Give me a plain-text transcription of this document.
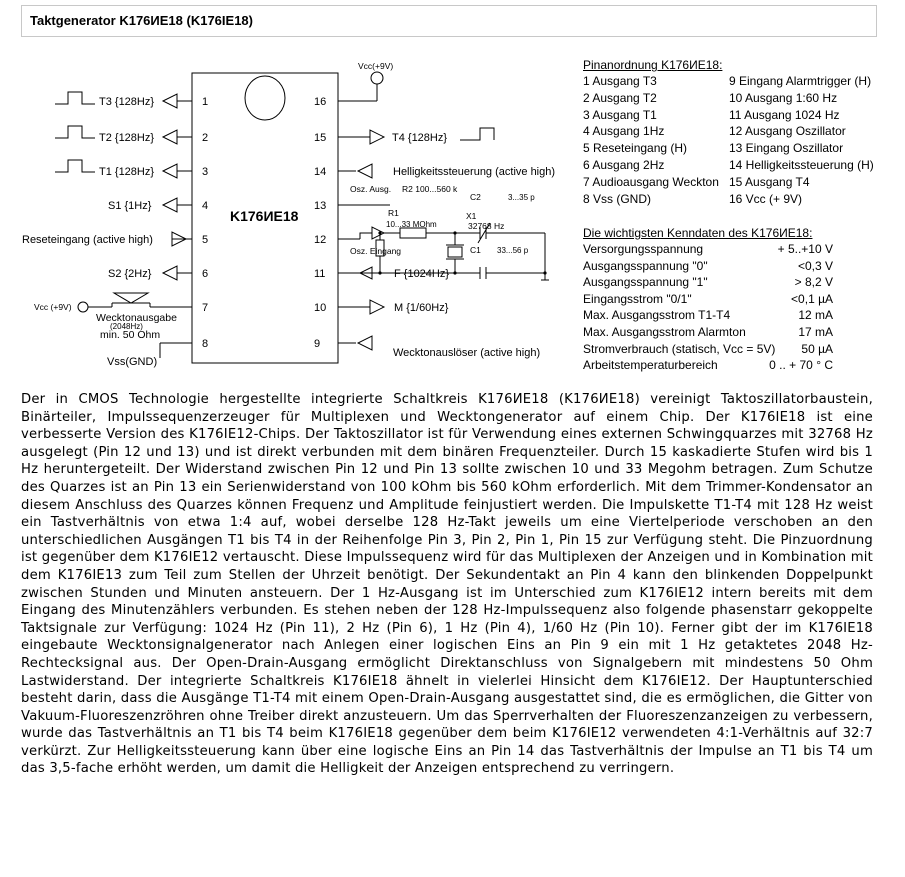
Taktgenerator K176ИЕ18 (K176IE18)
K176ИЕ18
1
2
3
4
5
6
7
8
16
15
14
13
12
11
10
9
T3 {128Hz}
T2 {128Hz}
T1 {128Hz}
S1 {1Hz}
Reseteingang (active high)
S2 {2Hz}
Wecktonausgabe
(2048Hz)
min. 50 Ohm
Vss(GND)
Vcc (+9V)
Vcc(+9V)
T4 {128Hz}
Helligkeitssteuerung (active high)
F {1024Hz}
M {1/60Hz}
Wecktonauslöser (active high)
Osz. Ausg. R2 100...560 k
R1
10...33 MOhm
C2	3...35 p
X1
32768 Hz
Osz. Eingang	C1 33...56 p
Pinanordnung K176ИЕ18:
1 Ausgang T3	9 Eingang Alarmtrigger (H)
2 Ausgang T2	10 Ausgang 1:60 Hz
3 Ausgang T1	11 Ausgang 1024 Hz
4 Ausgang 1Hz	12 Ausgang Oszillator
5 Reseteingang (H)	13 Eingang Oszillator
6 Ausgang 2Hz	14 Helligkeitssteuerung (H)
7 Audioausgang Weckton 15 Ausgang T4
8 Vss (GND)	16 Vcc (+ 9V)
Die wichtigsten Kenndaten des K176ИЕ18:
Versorgungsspannung	+ 5..+10 V
Ausgangsspannung "0"	<0,3 V
Ausgangsspannung "1"	> 8,2 V
Eingangsstrom "0/1"	<0,1 µA
Max. Ausgangsstrom T1-T4	12 mA
Max. Ausgangsstrom Alarmton	17 mA
Stromverbrauch (statisch, Vcc = 5V) 50 µA
Arbeitstemperaturbereich	0 .. + 70 ° C

Der in CMOS Technologie hergestellte integrierte Schaltkreis K176ИЕ18 (K176ИЕ18) vereinigt Taktoszillatorbaustein, Binärteiler, Impulssequenzerzeuger für Multiplexen und Wecktongenerator auf einem Chip. Der K176IE18 ist eine verbesserte Version des K176IE12-Chips. Der Taktoszillator ist für Verwendung eines externen Schwingquarzes mit 32768 Hz ausgelegt (Pin 12 und 13) und ist direkt verbunden mit dem binären Frequenzteiler. Durch 15 kaskadierte Stufen wird bis 1 Hz heruntergeteilt. Der Widerstand zwischen Pin 12 und Pin 13 sollte zwischen 10 und 33 Megohm betragen. Zum Schutze des Quarzes ist an Pin 13 ein Serienwiderstand von 100 kOhm bis 560 kOhm erforderlich. Mit dem Trimmer-Kondensator an diesem Anschluss des Quarzes können Frequenz und Amplitude feinjustiert werden. Die Impulskette T1-T4 mit 128 Hz weist ein Tastverhältnis von etwa 1:4 auf, wobei derselbe 128 Hz-Takt jeweils um eine Viertelperiode verschoben an den unterschiedlichen Ausgängen T1 bis T4 in der Reihenfolge Pin 3, Pin 2, Pin 1, Pin 15 zur Verfügung steht. Die Pinzuordnung ist gegenüber dem K176IE12 vertauscht. Diese Impulssequenz wird für das Multiplexen der Anzeigen und in Kombination mit dem K176IE13 zum Teil zum Stellen der Uhrzeit benötigt. Der Sekundentakt an Pin 4 kann den blinkenden Doppelpunkt zwischen Stunden und Minuten ansteuern. Der 1 Hz-Ausgang ist im Unterschied zum K176IE12 intern bereits mit dem Eingang des Minutenzählers verbunden. Es stehen neben der 128 Hz-Impulssequenz also folgende phasenstarr gekoppelte Taktsignale zur Verfügung: 1024 Hz (Pin 11), 2 Hz (Pin 6), 1 Hz (Pin 4), 1/60 Hz (Pin 10). Ferner gibt der im K176IE18 eingebaute Wecktonsignalgenerator nach Anlegen einer logischen Eins an Pin 9 ein mit 1 Hz getaktetes 2048 Hz-Rechtecksignal aus. Der Open-Drain-Ausgang ermöglicht Direktanschluss von Signalgebern mit mindestens 50 Ohm Lastwiderstand. Der integrierte Schaltkreis K176IE18 ähnelt in vielerlei Hinsicht dem K176IE12. Der Hauptunterschied besteht darin, dass die Ausgänge T1-T4 mit einem Open-Drain-Ausgang ausgestattet sind, die es ermöglichen, die Gitter von Vakuum-Fluoreszenzröhren ohne Treiber direkt anzusteuern. Um das Sperrverhalten der Fluoreszenzanzeigen zu verbessern, wurde das Tastverhältnis an T1 bis T4 beim K176IE18 gegenüber dem beim K176IE12 verwendeten 4:1-Verhältnis auf 32:7 verkürzt. Zur Helligkeitssteuerung kann über eine logische Eins an Pin 14 das Tastverhältnis der Impulse an T1 bis T4 um das 3,5-fache erhöht werden, um damit die Helligkeit der Anzeigen entsprechend zu verringern.
